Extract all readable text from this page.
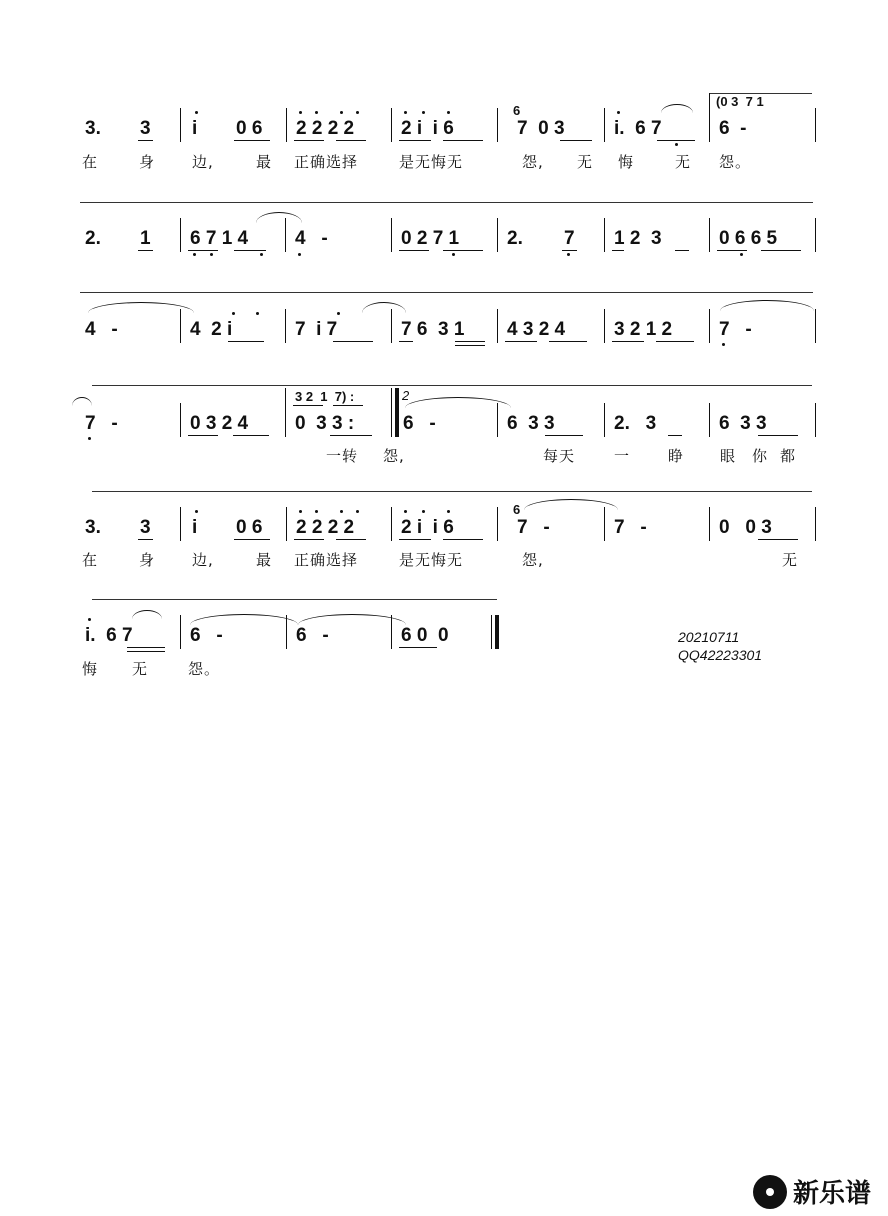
(0 3  7 1
3. 3 i 0 6 2 2 2 2 2 i  i 6
6
7  0 3	i.  6 7	6  -
在	身 边,	最 正确选择	是无悔无	怨, 无 悔	无 怨。
2. 1 6 7 1 4 4   -	0 2 7 1	2. 7 1 2  3	0 6 6 5
4   -	4  2 i	7  i 7	7 6  3 1 4 3 2 4	3 2 1 2 7   -
7   -	0 3 2 4
3 2  1  7) :
0  3 3 :
2
6   -	6  3 3	2.   3	6  3 3
一转 怨,	每天	一	睁 眼 你 都
3. 3 i 0 6 2 2 2 2 2 i  i 6
6
7   -	7   -	0   0 3
在	身 边,	最 正确选择	是无悔无	怨,	无
i.  6 7	6   -	6   -	6 0  0
悔 无	怨。
20210711
QQ42223301
新乐谱
